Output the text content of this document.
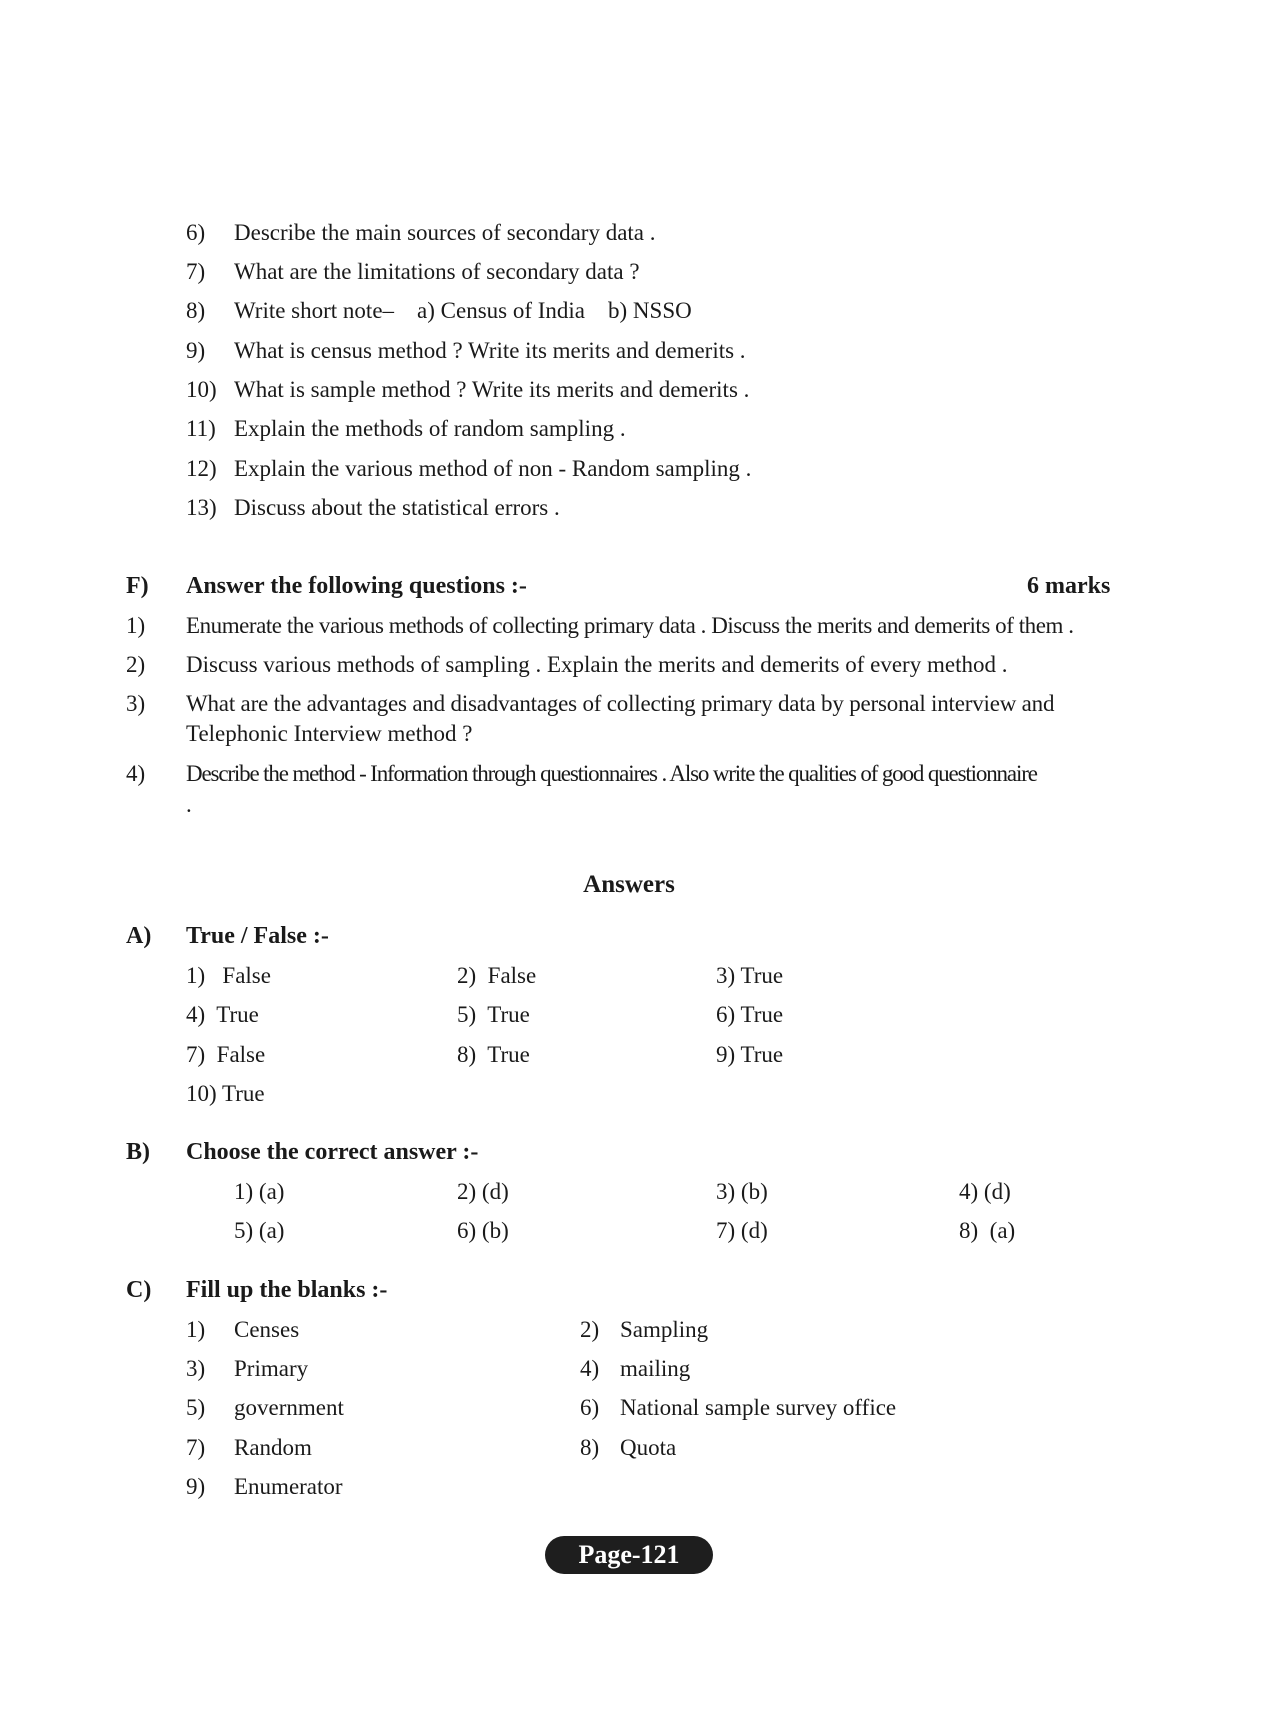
6) Describe the main sources of secondary data .
7) What are the limitations of secondary data ?
8) Write short note–    a) Census of India    b) NSSO
9) What is census method ? Write its merits and demerits .
10) What is sample method ? Write its merits and demerits .
11) Explain the methods of random sampling .
12) Explain the various method of non - Random sampling .
13) Discuss about the statistical errors .
F) Answer the following questions :-	6 marks
1) Enumerate the various methods of collecting primary data . Discuss the merits and demerits of them .
2) Discuss various methods of sampling . Explain the merits and demerits of every method .
3) What are the advantages and disadvantages of collecting primary data by personal interview and
Telephonic Interview method ?
4) Describe the method - Information through questionnaires . Also write the qualities of good questionnaire
.
Answers
A) True / False :-
1)   False	2)  False	3) True
4)  True	5)  True	6) True
7)  False	8)  True	9) True
10) True
B) Choose the correct answer :-
1) (a)	2) (d)	3) (b)	4) (d)
5) (a)	6) (b)	7) (d)	8)  (a)
C) Fill up the blanks :-
1) Censes	2) Sampling
3) Primary	4) mailing
5) government	6) National sample survey office
7) Random	8) Quota
9) Enumerator
Page-121
